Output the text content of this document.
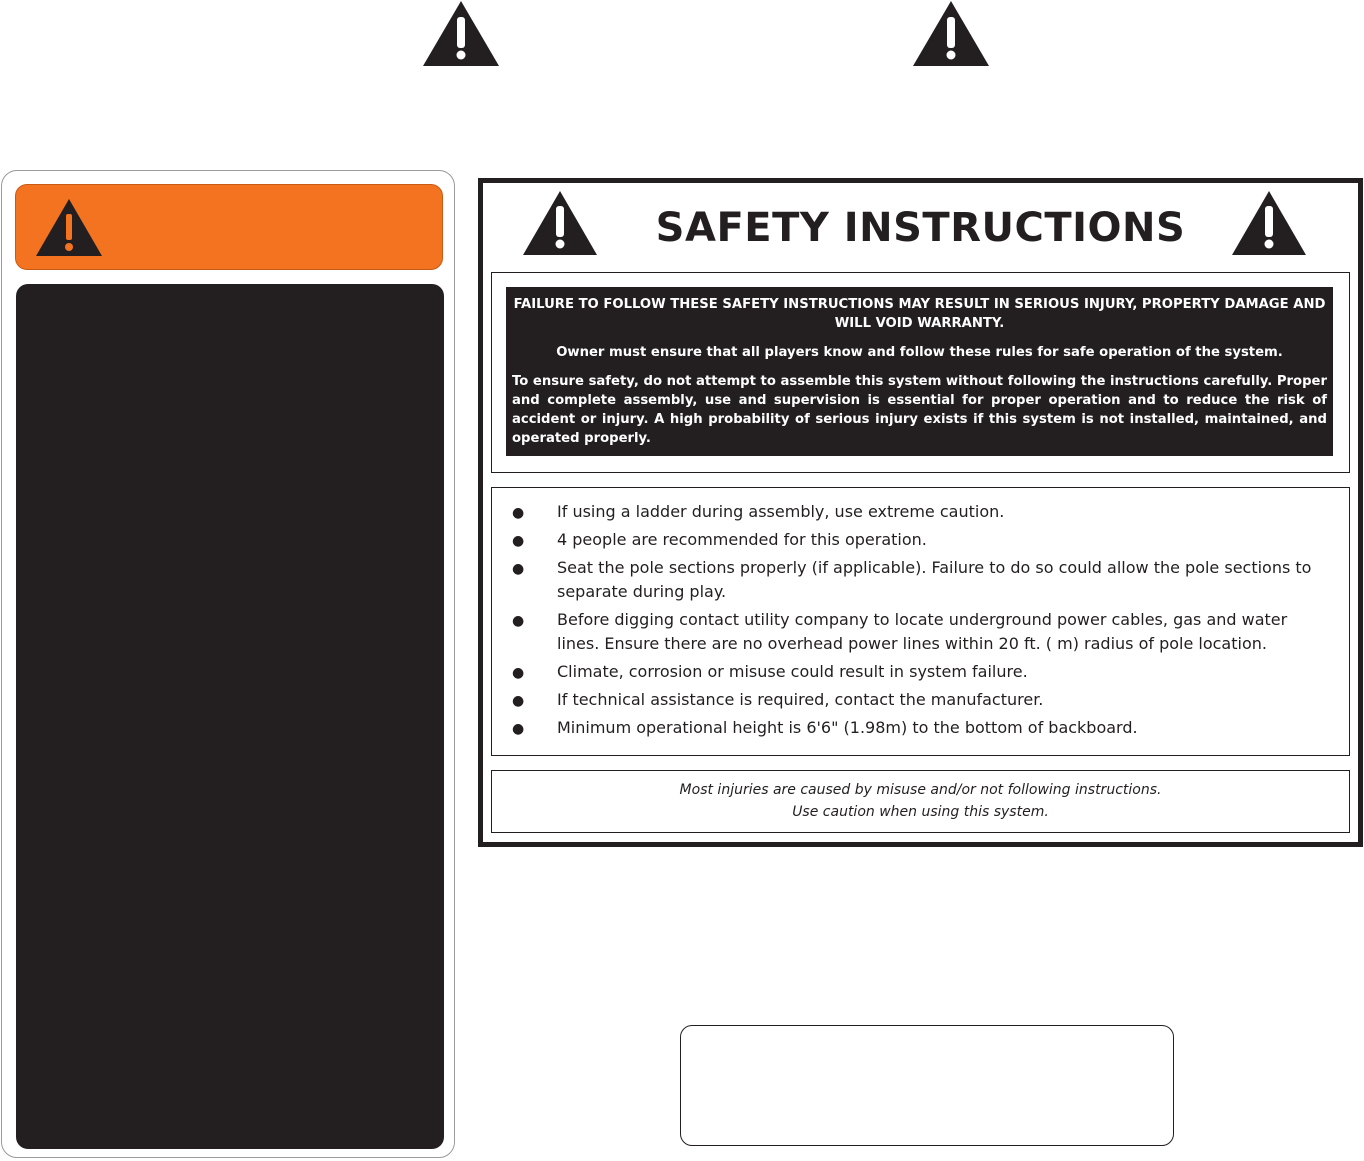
SAFETY INSTRUCTIONS

FAILURE TO FOLLOW THESE SAFETY INSTRUCTIONS MAY RESULT IN SERIOUS INJURY, PROPERTY DAMAGE AND WILL VOID WARRANTY.

Owner must ensure that all players know and follow these rules for safe operation of the system.

To ensure safety, do not attempt to assemble this system without following the instructions carefully. Proper and complete assembly, use and supervision is essential for proper operation and to reduce the risk of accident or injury. A high probability of serious injury exists if this system is not installed, maintained, and operated properly.

● If using a ladder during assembly, use extreme caution.
● 4 people are recommended for this operation.
● Seat the pole sections properly (if applicable). Failure to do so could allow the pole sections to separate during play.
● Before digging contact utility company to locate underground power cables, gas and water lines. Ensure there are no overhead power lines within 20 ft. ( m) radius of pole location.
● Climate, corrosion or misuse could result in system failure.
● If technical assistance is required, contact the manufacturer.
● Minimum operational height is 6'6" (1.98m) to the bottom of backboard.
Most injuries are caused by misuse and/or not following instructions.
Use caution when using this system.
